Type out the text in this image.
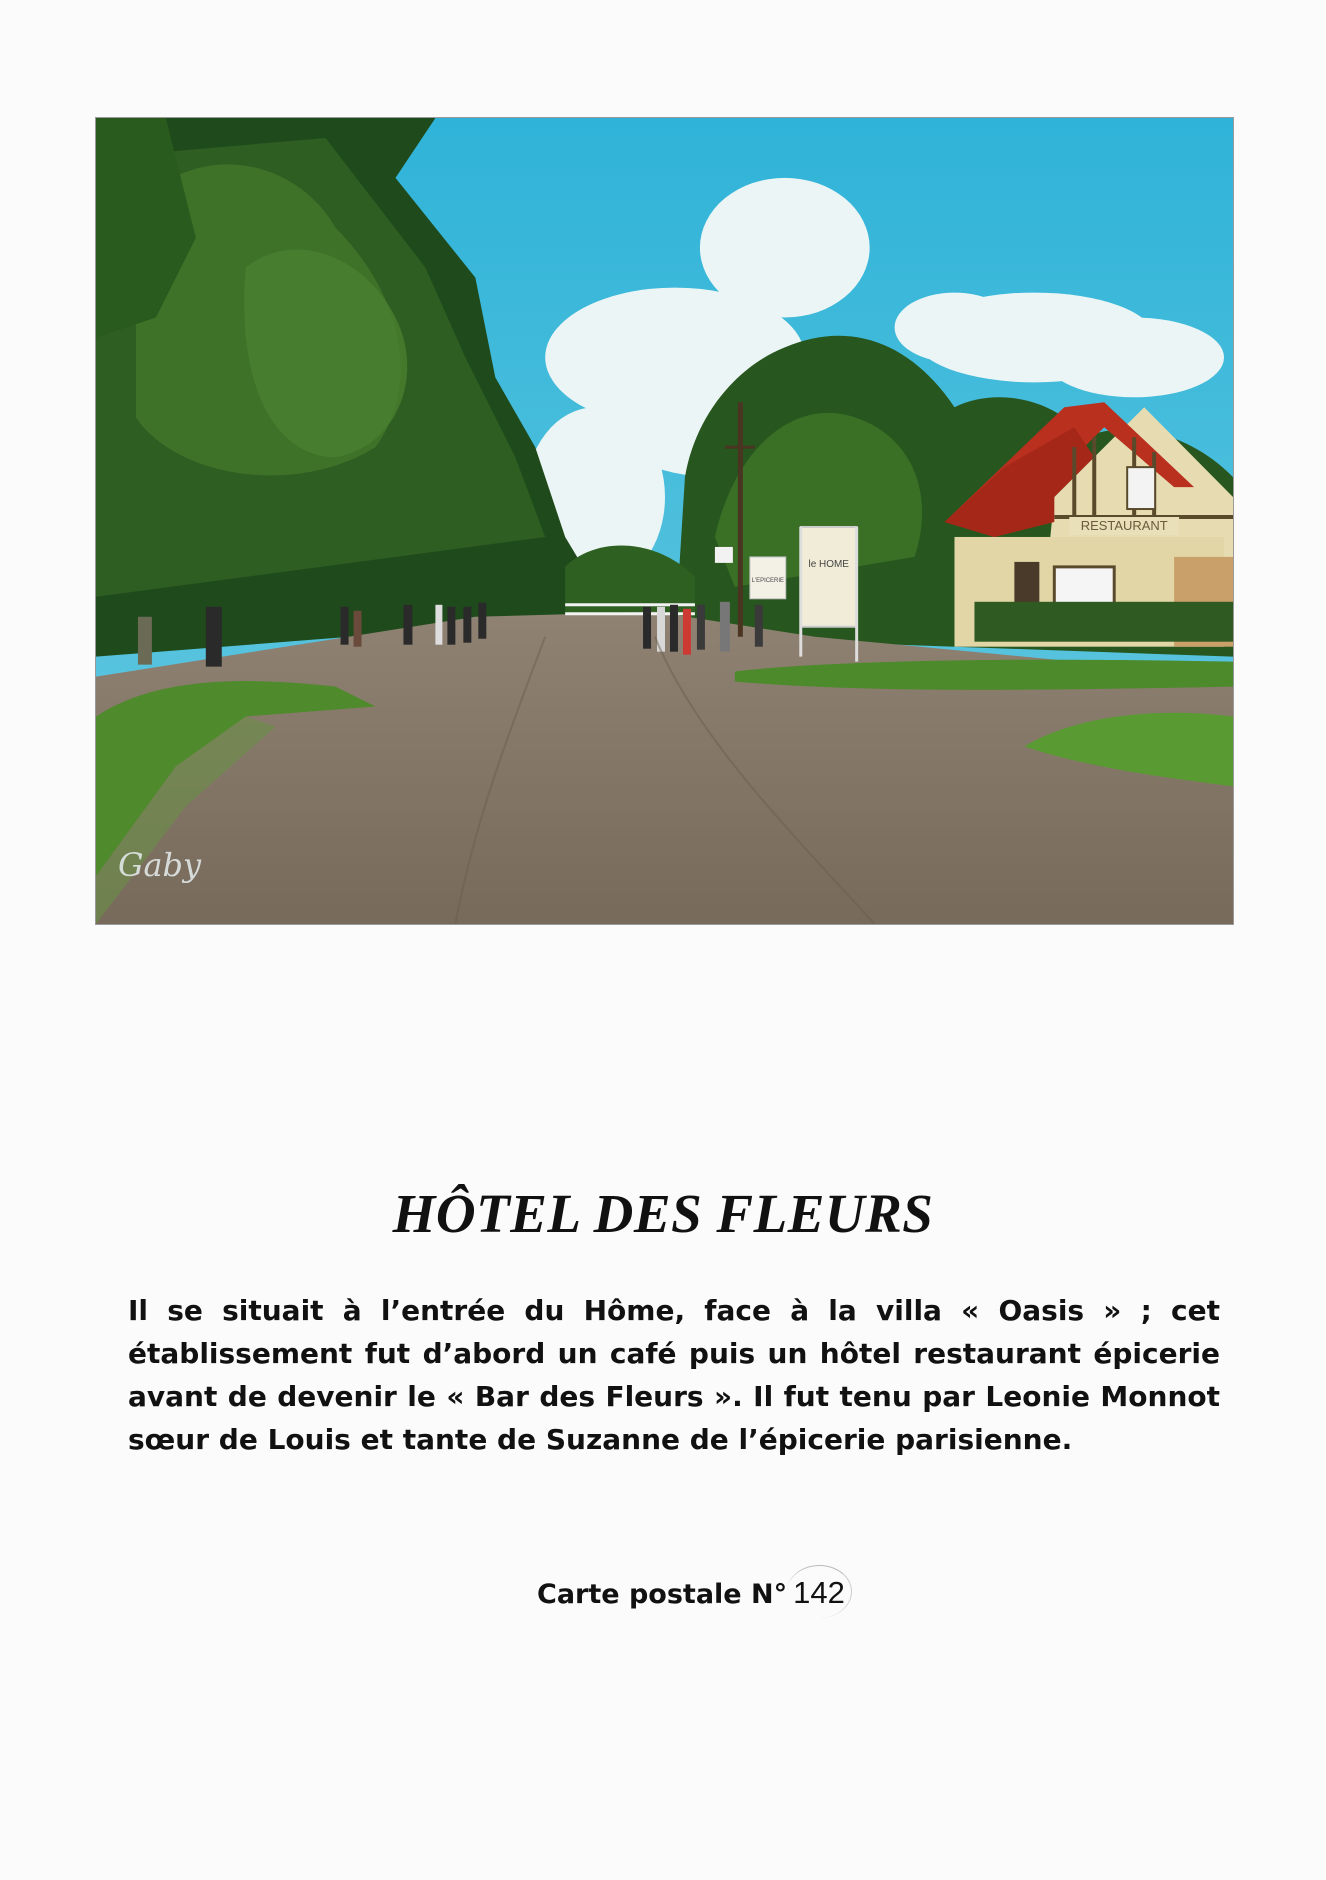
RESTAURANT
le HOME
L'EPICERIE
Gaby
HÔTEL DES FLEURS

Il se situait à l’entrée du Hôme, face à la villa « Oasis » ; cet établissement fut d’abord un café puis un hôtel restaurant épicerie avant de devenir le « Bar des Fleurs ». Il fut tenu par Leonie Monnot sœur de Louis et tante de Suzanne de l’épicerie parisienne.

Carte postale N° 142
